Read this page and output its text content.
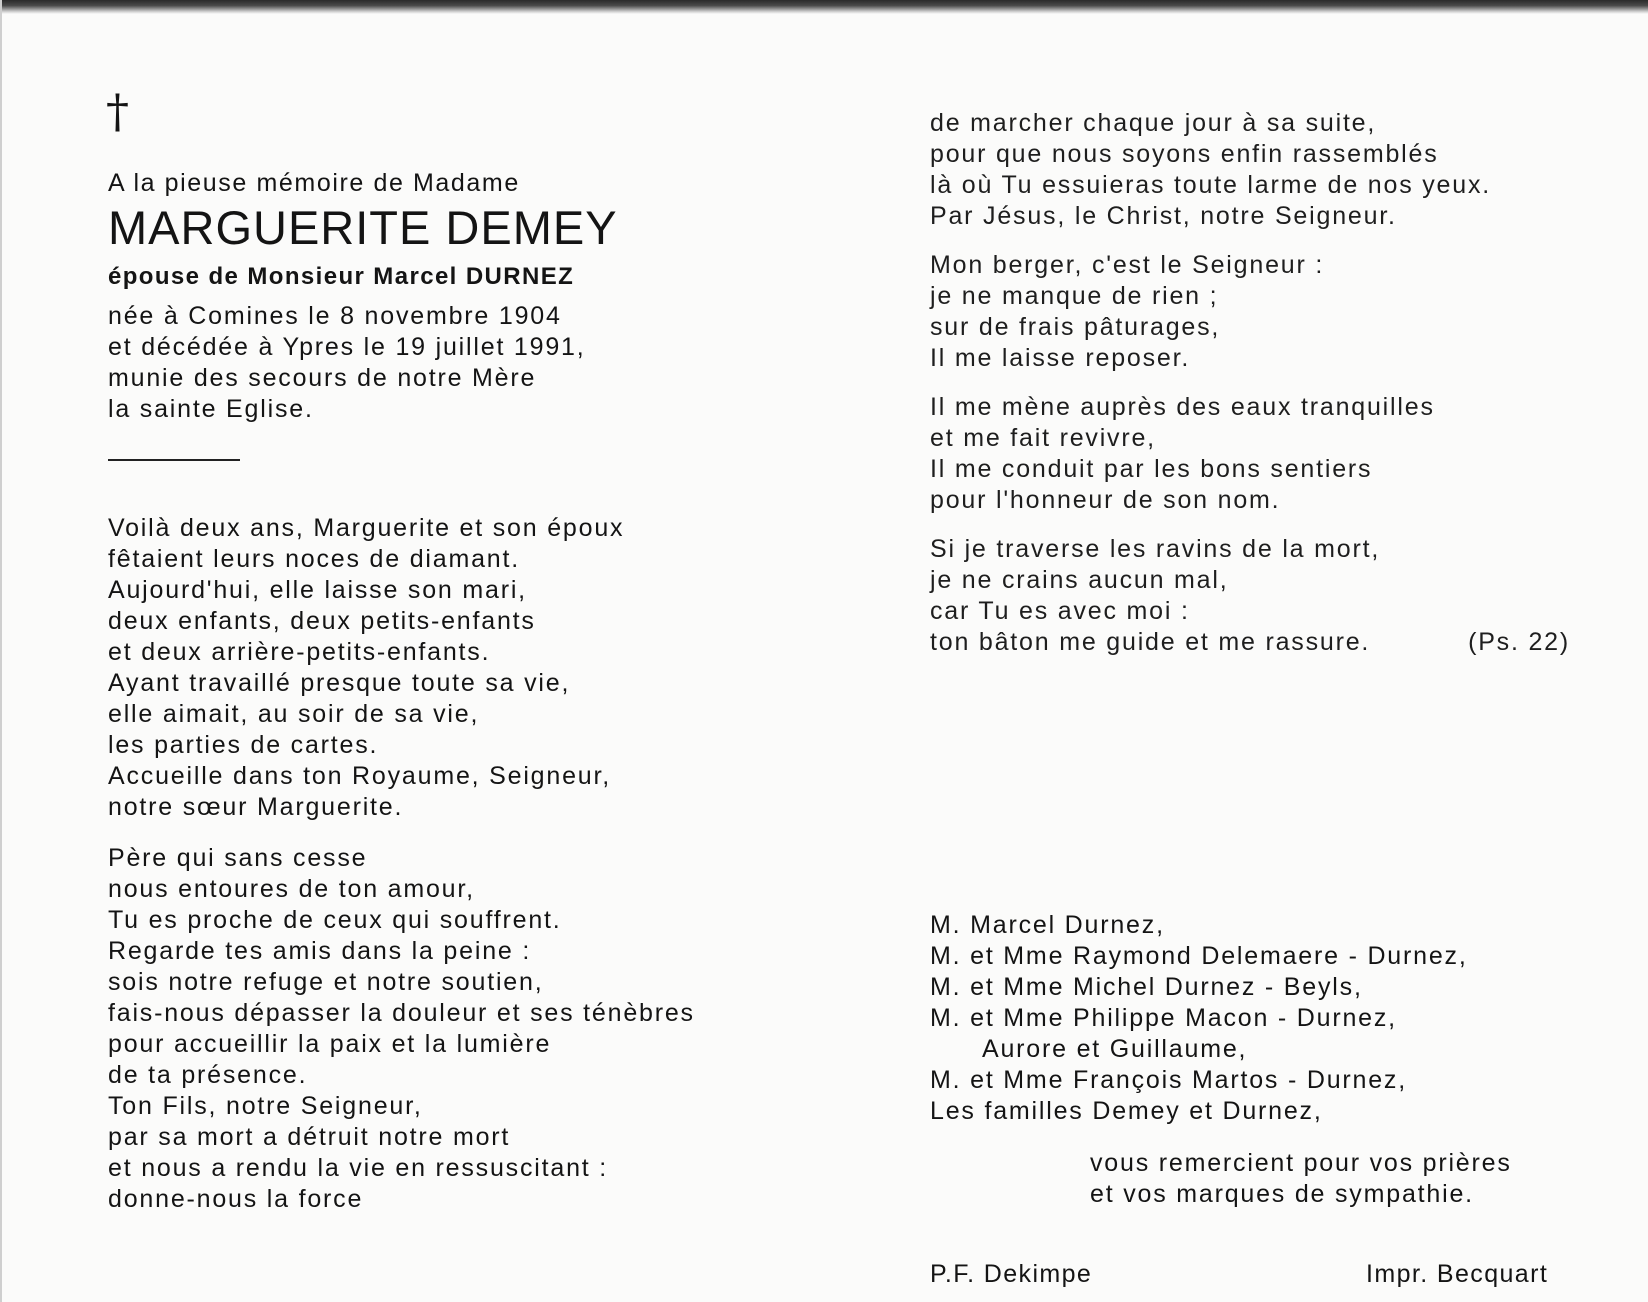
†
A la pieuse mémoire de Madame
MARGUERITE DEMEY
épouse de Monsieur Marcel DURNEZ

née à Comines le 8 novembre 1904
et décédée à Ypres le 19 juillet 1991,
munie des secours de notre Mère
la sainte Eglise.

Voilà deux ans, Marguerite et son époux
fêtaient leurs noces de diamant.
Aujourd'hui, elle laisse son mari,
deux enfants, deux petits-enfants
et deux arrière-petits-enfants.
Ayant travaillé presque toute sa vie,
elle aimait, au soir de sa vie,
les parties de cartes.
Accueille dans ton Royaume, Seigneur,
notre sœur Marguerite.

Père qui sans cesse
nous entoures de ton amour,
Tu es proche de ceux qui souffrent.
Regarde tes amis dans la peine :
sois notre refuge et notre soutien,
fais-nous dépasser la douleur et ses ténèbres
pour accueillir la paix et la lumière
de ta présence.
Ton Fils, notre Seigneur,
par sa mort a détruit notre mort
et nous a rendu la vie en ressuscitant :
donne-nous la force

de marcher chaque jour à sa suite,
pour que nous soyons enfin rassemblés
là où Tu essuieras toute larme de nos yeux.
Par Jésus, le Christ, notre Seigneur.

Mon berger, c'est le Seigneur :
je ne manque de rien ;
sur de frais pâturages,
Il me laisse reposer.

Il me mène auprès des eaux tranquilles
et me fait revivre,
Il me conduit par les bons sentiers
pour l'honneur de son nom.

Si je traverse les ravins de la mort,
je ne crains aucun mal,
car Tu es avec moi :
ton bâton me guide et me rassure.	(Ps. 22)

M. Marcel Durnez,
M. et Mme Raymond Delemaere - Durnez,
M. et Mme Michel Durnez - Beyls,
M. et Mme Philippe Macon - Durnez,
Aurore et Guillaume,
M. et Mme François Martos - Durnez,
Les familles Demey et Durnez,

vous remercient pour vos prières
et vos marques de sympathie.
P.F. Dekimpe	Impr. Becquart
